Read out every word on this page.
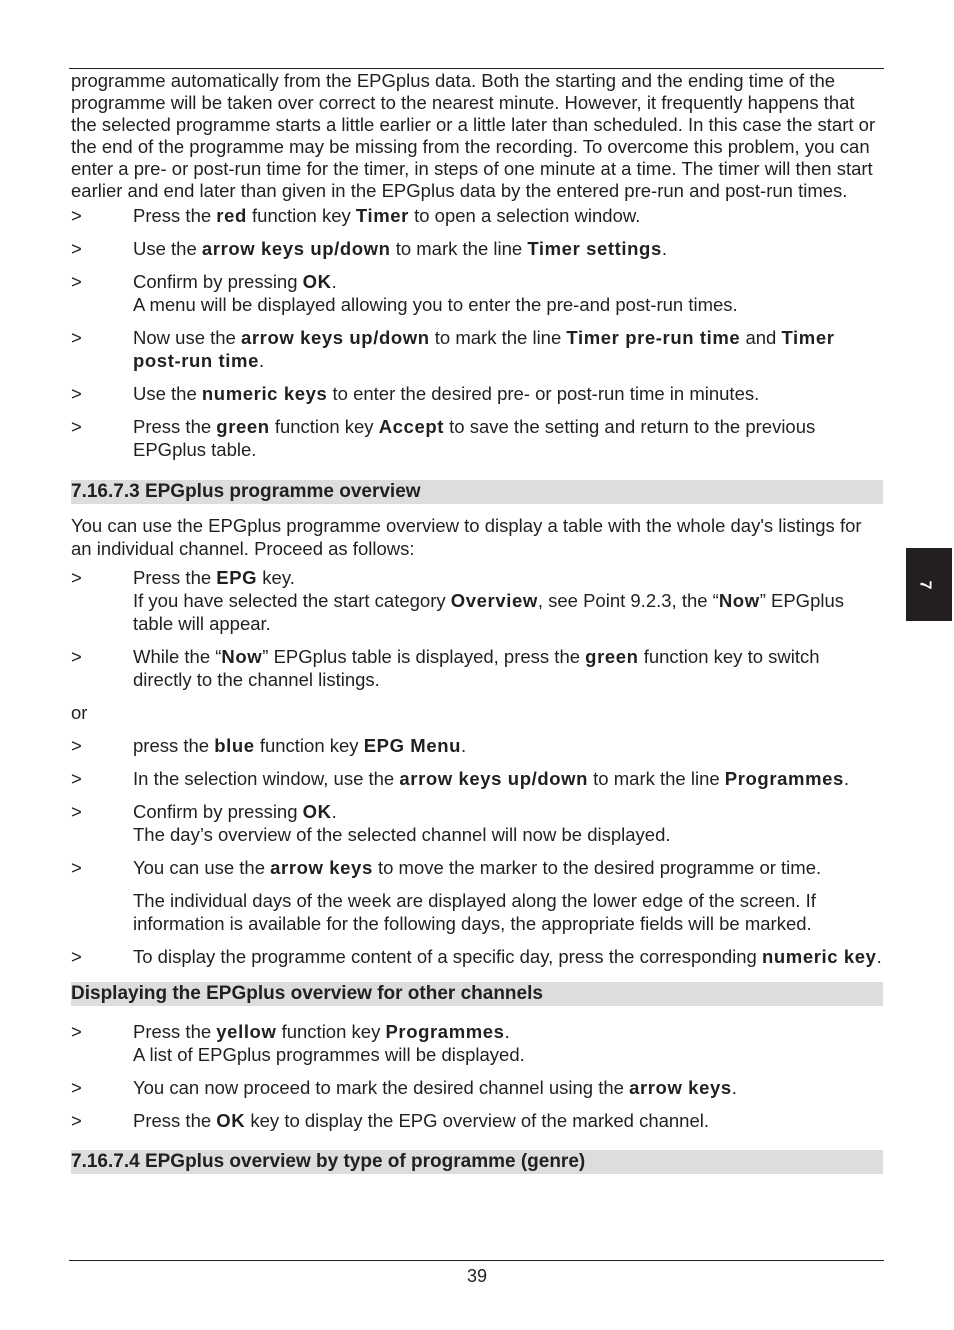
programme automatically from the EPGplus data. Both the starting and the ending time of the programme will be taken over correct to the nearest minute. However, it frequently happens that the selected programme starts a little earlier or a little later than scheduled. In this case the start or the end of the programme may be missing from the recording. To overcome this problem, you can enter a pre- or post-run time for the timer, in steps of one minute at a time. The timer will then start earlier and end later than given in the EPGplus data by the entered pre-run and post-run times.

>	Press the red function key Timer to open a selection window.

>	Use the arrow keys up/down to mark the line Timer settings.

>	Confirm by pressing OK.

A menu will be displayed allowing you to enter the pre-and post-run times.

>	Now use the arrow keys up/down to mark the line Timer pre-run time and Timer post-run time.

>	Use the numeric keys to enter the desired pre- or post-run time in minutes.

>	Press the green function key Accept to save the setting and return to the previous EPGplus table.

7.16.7.3 EPGplus programme overview

You can use the EPGplus programme overview to display a table with the whole day's listings for an individual channel. Proceed as follows:

>	Press the EPG key.

If you have selected the start category Overview, see Point 9.2.3, the “Now” EPGplus table will appear.

>	While the “Now” EPGplus table is displayed, press the green function key to switch directly to the channel listings.

or

>	press the blue function key EPG Menu.

>	In the selection window, use the arrow keys up/down to mark the line Programmes.

>	Confirm by pressing OK.

The day’s overview of the selected channel will now be displayed.

>	You can use the arrow keys to move the marker to the desired programme or time.

The individual days of the week are displayed along the lower edge of the screen. If information is available for the following days, the appropriate fields will be marked.
>	To display the programme content of a specific day, press the corresponding numeric key.

Displaying the EPGplus overview for other channels
>	Press the yellow function key Programmes.

A list of EPGplus programmes will be displayed.

>	You can now proceed to mark the desired channel using the arrow keys.

>	Press the OK key to display the EPG overview of the marked channel.

7.16.7.4 EPGplus overview by type of programme (genre)
7
39
